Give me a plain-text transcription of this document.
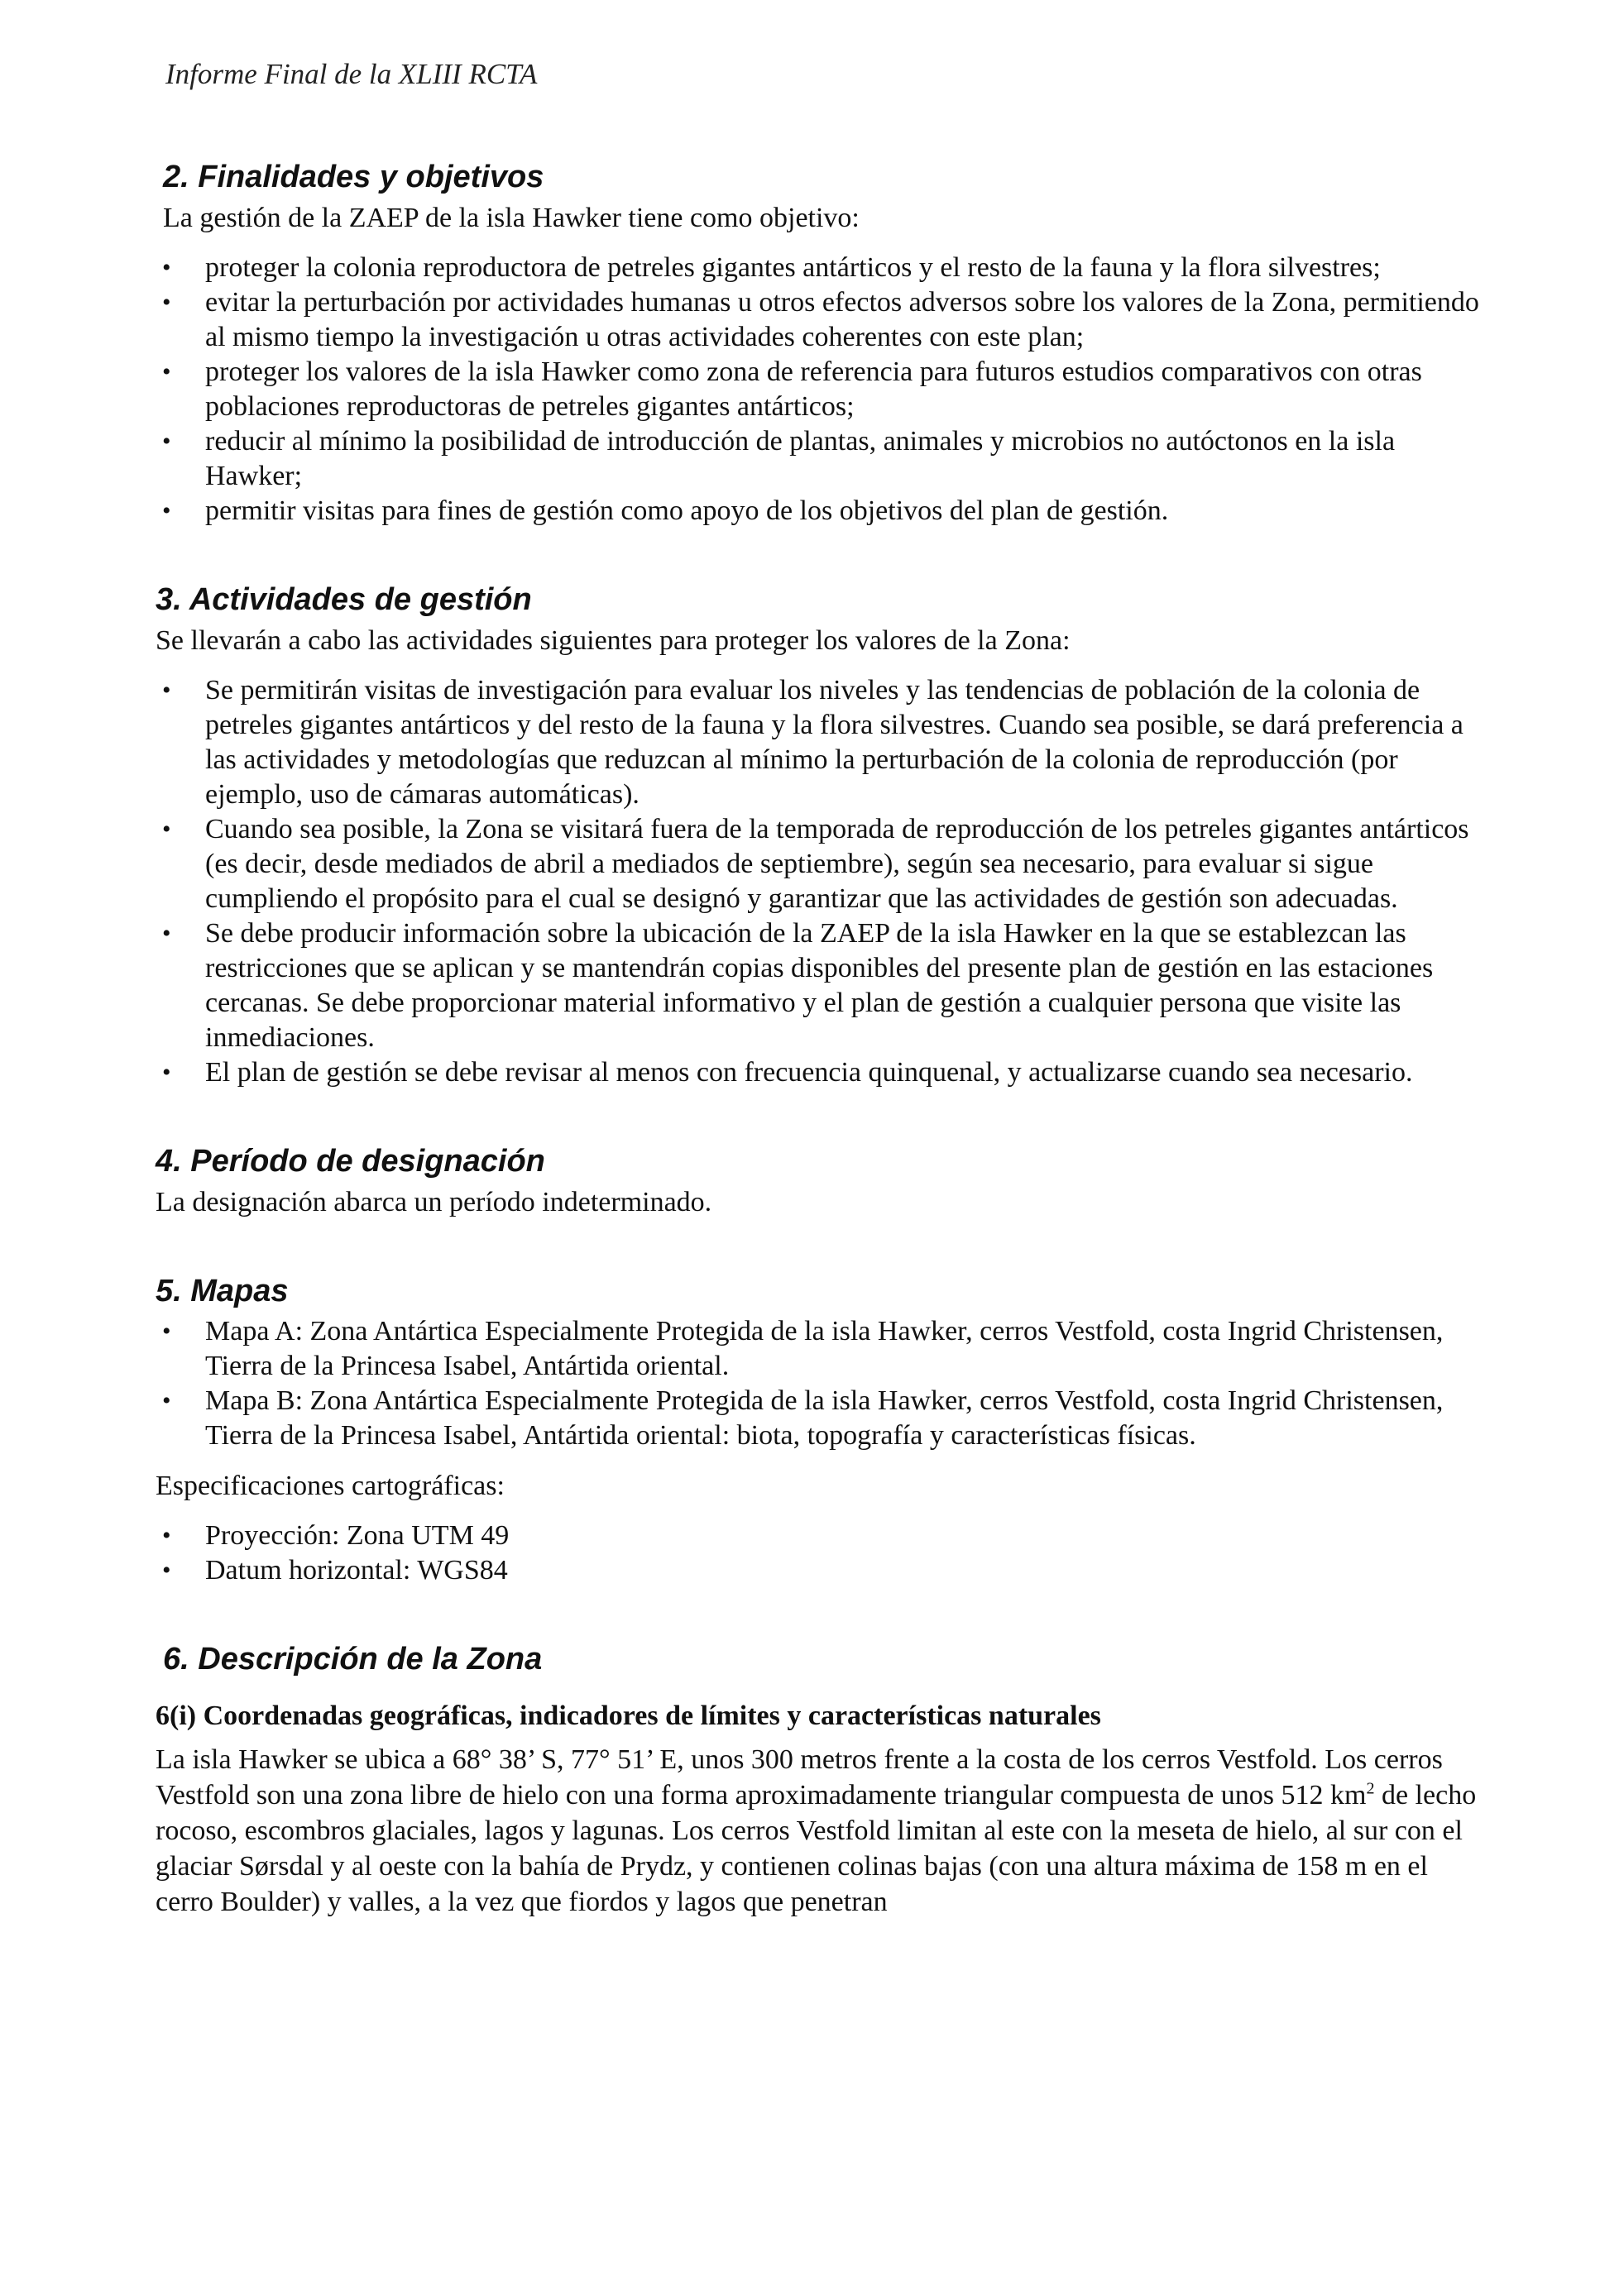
Informe Final de la XLIII RCTA
2. Finalidades y objetivos

La gestión de la ZAEP de la isla Hawker tiene como objetivo:

• proteger la colonia reproductora de petreles gigantes antárticos y el resto de la fauna y la flora silvestres;
• evitar la perturbación por actividades humanas u otros efectos adversos sobre los valores de la Zona, permitiendo al mismo tiempo la investigación u otras actividades coherentes con este plan;
• proteger los valores de la isla Hawker como zona de referencia para futuros estudios comparativos con otras poblaciones reproductoras de petreles gigantes antárticos;
• reducir al mínimo la posibilidad de introducción de plantas, animales y microbios no autóctonos en la isla Hawker;
• permitir visitas para fines de gestión como apoyo de los objetivos del plan de gestión.
3. Actividades de gestión

Se llevarán a cabo las actividades siguientes para proteger los valores de la Zona:

• Se permitirán visitas de investigación para evaluar los niveles y las tendencias de población de la colonia de petreles gigantes antárticos y del resto de la fauna y la flora silvestres. Cuando sea posible, se dará preferencia a las actividades y metodologías que reduzcan al mínimo la perturbación de la colonia de reproducción (por ejemplo, uso de cámaras automáticas).
• Cuando sea posible, la Zona se visitará fuera de la temporada de reproducción de los petreles gigantes antárticos (es decir, desde mediados de abril a mediados de septiembre), según sea necesario, para evaluar si sigue cumpliendo el propósito para el cual se designó y garantizar que las actividades de gestión son adecuadas.
• Se debe producir información sobre la ubicación de la ZAEP de la isla Hawker en la que se establezcan las restricciones que se aplican y se mantendrán copias disponibles del presente plan de gestión en las estaciones cercanas. Se debe proporcionar material informativo y el plan de gestión a cualquier persona que visite las inmediaciones.
• El plan de gestión se debe revisar al menos con frecuencia quinquenal, y actualizarse cuando sea necesario.
4. Período de designación

La designación abarca un período indeterminado.

5. Mapas
• Mapa A: Zona Antártica Especialmente Protegida de la isla Hawker, cerros Vestfold, costa Ingrid Christensen, Tierra de la Princesa Isabel, Antártida oriental.
• Mapa B: Zona Antártica Especialmente Protegida de la isla Hawker, cerros Vestfold, costa Ingrid Christensen, Tierra de la Princesa Isabel, Antártida oriental: biota, topografía y características físicas.

Especificaciones cartográficas:

• Proyección: Zona UTM 49
• Datum horizontal: WGS84
6. Descripción de la Zona
6(i) Coordenadas geográficas, indicadores de límites y características naturales

La isla Hawker se ubica a 68° 38’ S, 77° 51’ E, unos 300 metros frente a la costa de los cerros Vestfold. Los cerros Vestfold son una zona libre de hielo con una forma aproximadamente triangular compuesta de unos 512 $km^2$ de lecho rocoso, escombros glaciales, lagos y lagunas. Los cerros Vestfold limitan al este con la meseta de hielo, al sur con el glaciar Sørsdal y al oeste con la bahía de Prydz, y contienen colinas bajas (con una altura máxima de 158 m en el cerro Boulder) y valles, a la vez que fiordos y lagos que penetran
